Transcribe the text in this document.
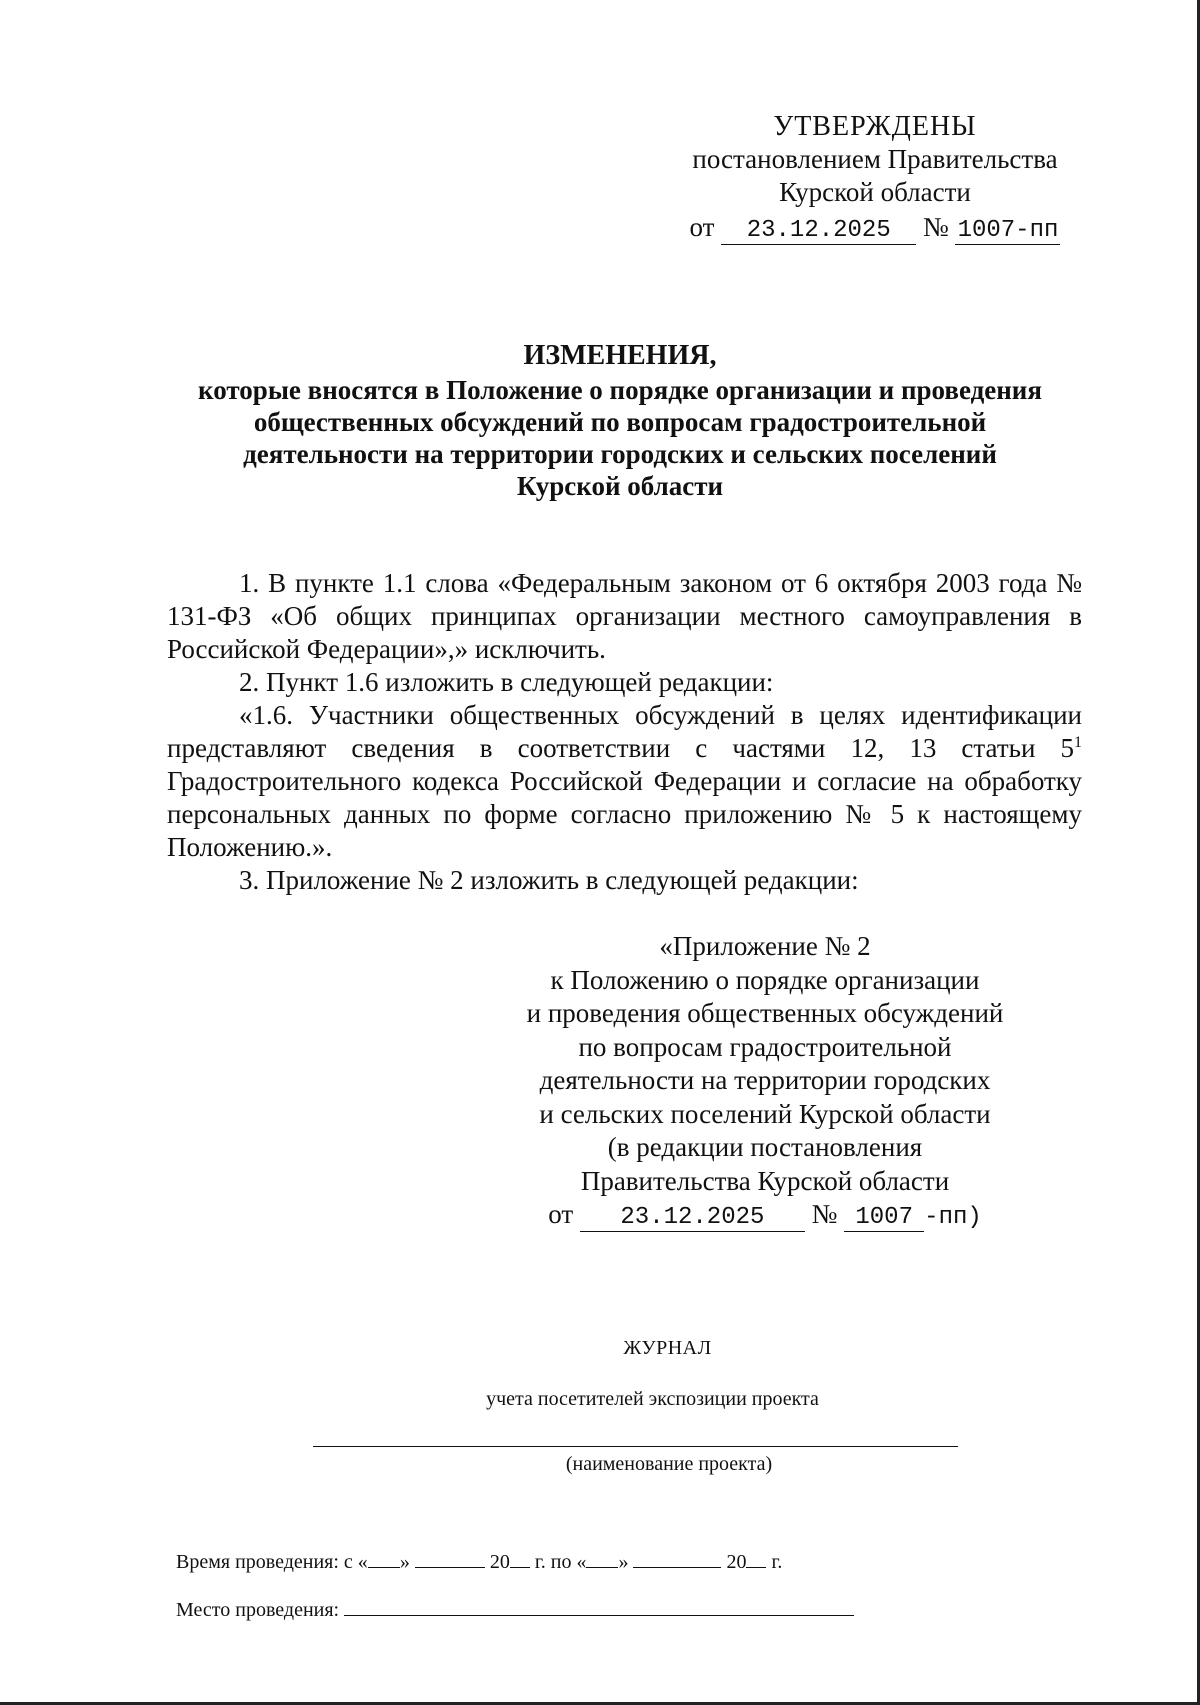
УТВЕРЖДЕНЫ
постановлением Правительства
Курской области
от 23.12.2025 № 1007-пп
ИЗМЕНЕНИЯ,
которые вносятся в Положение о порядке организации и проведения
общественных обсуждений по вопросам градостроительной
деятельности на территории городских и сельских поселений
Курской области

1. В пункте 1.1 слова «Федеральным законом от 6 октября 2003 года № 131-ФЗ «Об общих принципах организации местного самоуправления в Российской Федерации»,» исключить.

2. Пункт 1.6 изложить в следующей редакции:

«1.6. Участники общественных обсуждений в целях идентификации представляют сведения в соответствии с частями 12, 13 статьи $5^1$ Градостроительного кодекса Российской Федерации и согласие на обработку персональных данных по форме согласно приложению № 5 к настоящему Положению.».

3. Приложение № 2 изложить в следующей редакции:

«Приложение № 2
к Положению о порядке организации
и проведения общественных обсуждений
по вопросам градостроительной
деятельности на территории городских
и сельских поселений Курской области
(в редакции постановления
Правительства Курской области
от 23.12.2025 № 1007 -пп)
ЖУРНАЛ
учета посетителей экспозиции проекта
(наименование проекта)
Время проведения: с « »	20 г. по « »	20 г.
Место проведения:
